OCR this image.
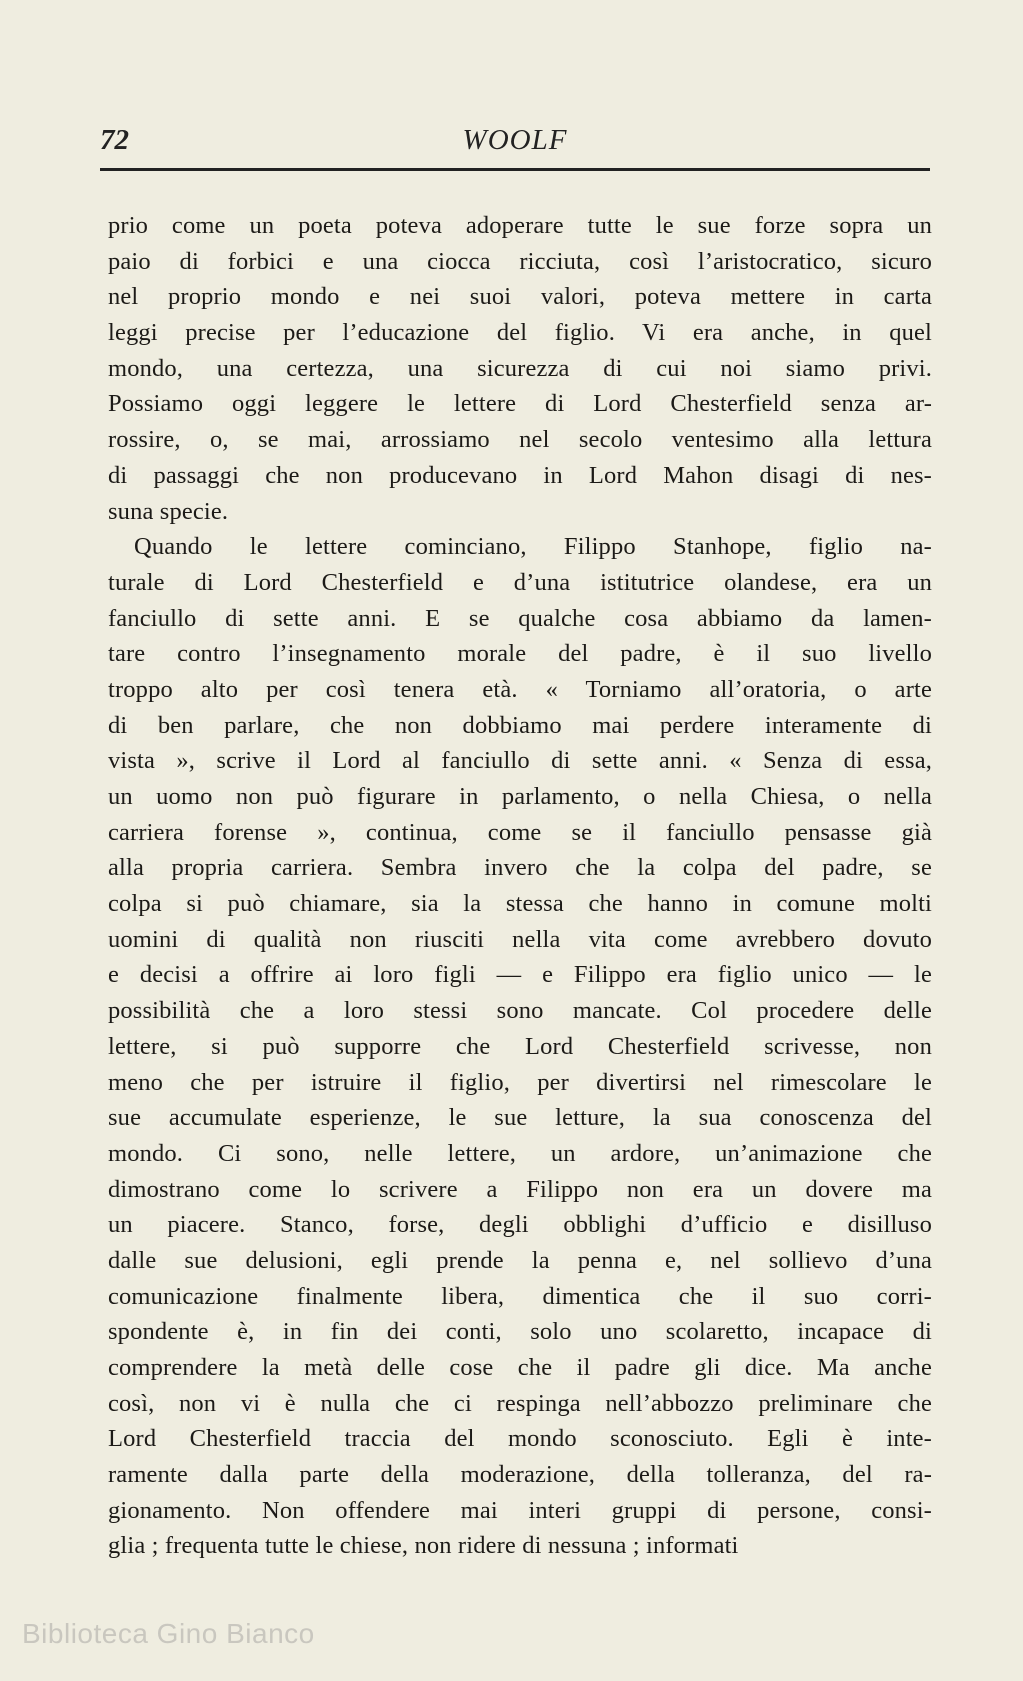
72	WOOLF
prio come un poeta poteva adoperare tutte le sue forze sopra un
paio di forbici e una ciocca ricciuta, così l’aristocratico, sicuro
nel proprio mondo e nei suoi valori, poteva mettere in carta
leggi precise per l’educazione del figlio. Vi era anche, in quel
mondo, una certezza, una sicurezza di cui noi siamo privi.
Possiamo oggi leggere le lettere di Lord Chesterfield senza ar-
rossire, o, se mai, arrossiamo nel secolo ventesimo alla lettura
di passaggi che non producevano in Lord Mahon disagi di nes-
suna specie.
Quando le lettere cominciano, Filippo Stanhope, figlio na-
turale di Lord Chesterfield e d’una istitutrice olandese, era un
fanciullo di sette anni. E se qualche cosa abbiamo da lamen-
tare contro l’insegnamento morale del padre, è il suo livello
troppo alto per così tenera età. « Torniamo all’oratoria, o arte
di ben parlare, che non dobbiamo mai perdere interamente di
vista », scrive il Lord al fanciullo di sette anni. « Senza di essa,
un uomo non può figurare in parlamento, o nella Chiesa, o nella
carriera forense », continua, come se il fanciullo pensasse già
alla propria carriera. Sembra invero che la colpa del padre, se
colpa si può chiamare, sia la stessa che hanno in comune molti
uomini di qualità non riusciti nella vita come avrebbero dovuto
e decisi a offrire ai loro figli — e Filippo era figlio unico — le
possibilità che a loro stessi sono mancate. Col procedere delle
lettere, si può supporre che Lord Chesterfield scrivesse, non
meno che per istruire il figlio, per divertirsi nel rimescolare le
sue accumulate esperienze, le sue letture, la sua conoscenza del
mondo. Ci sono, nelle lettere, un ardore, un’animazione che
dimostrano come lo scrivere a Filippo non era un dovere ma
un piacere. Stanco, forse, degli obblighi d’ufficio e disilluso
dalle sue delusioni, egli prende la penna e, nel sollievo d’una
comunicazione finalmente libera, dimentica che il suo corri-
spondente è, in fin dei conti, solo uno scolaretto, incapace di
comprendere la metà delle cose che il padre gli dice. Ma anche
così, non vi è nulla che ci respinga nell’abbozzo preliminare che
Lord Chesterfield traccia del mondo sconosciuto. Egli è inte-
ramente dalla parte della moderazione, della tolleranza, del ra-
gionamento. Non offendere mai interi gruppi di persone, consi-
glia ; frequenta tutte le chiese, non ridere di nessuna ; informati
Biblioteca Gino Bianco
